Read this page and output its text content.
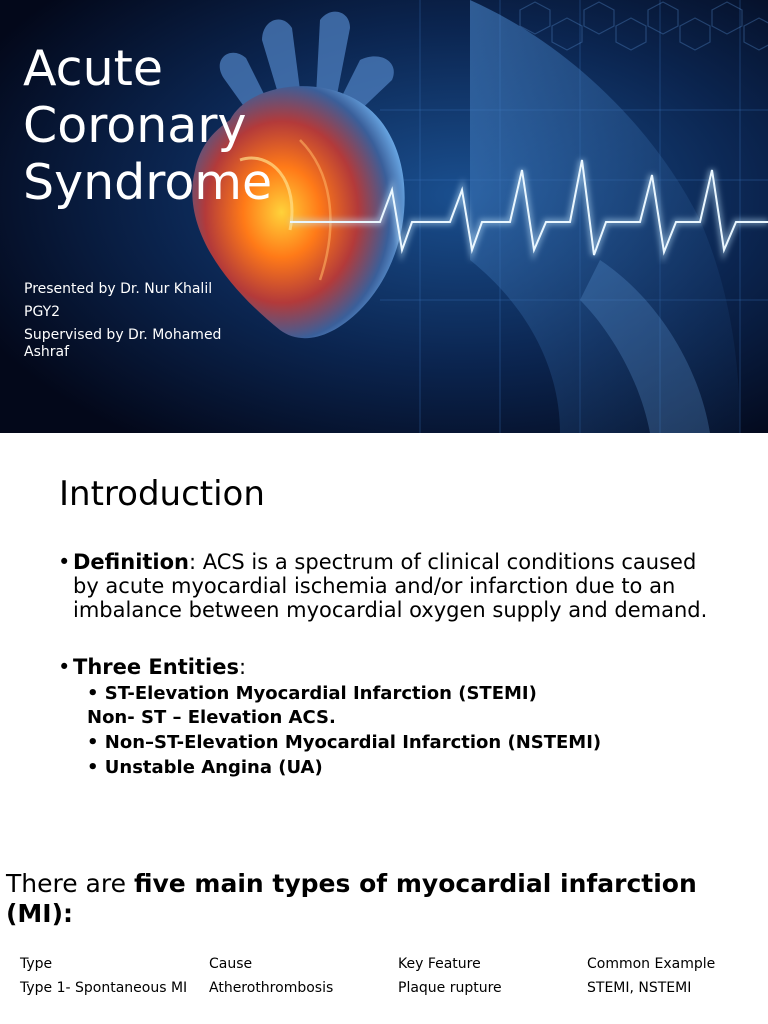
Acute
Coronary
Syndrome
Presented by Dr. Nur Khalil
PGY2
Supervised by Dr. Mohamed Ashraf
Introduction
• Definition: ACS is a spectrum of clinical conditions caused by acute myocardial ischemia and/or infarction due to an imbalance between myocardial oxygen supply and demand.
• Three Entities:
• ST-Elevation Myocardial Infarction (STEMI)
Non- ST – Elevation ACS.
• Non–ST-Elevation Myocardial Infarction (NSTEMI)
• Unstable Angina (UA)
There are five main types of myocardial infarction (MI):
Type	Cause	Key Feature	Common Example
Type 1- Spontaneous MI	Atherothrombosis	Plaque rupture	STEMI, NSTEMI
